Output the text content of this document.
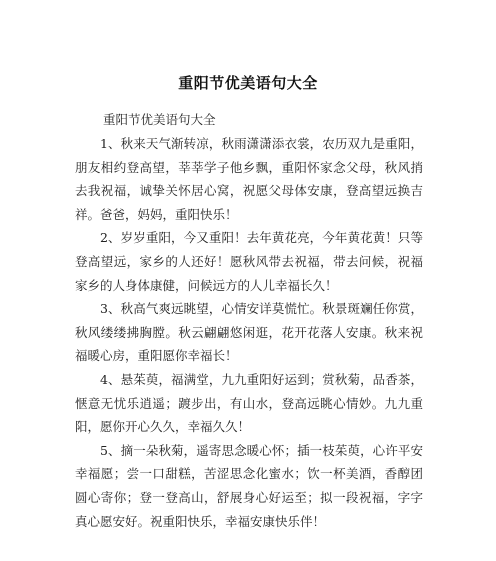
重阳节优美语句大全
重阳节优美语句大全

1、秋来天气渐转凉，秋雨潇潇添衣裳，农历双九是重阳，朋友相约登高望，莘莘学子他乡飘，重阳怀家念父母，秋风捎去我祝福，诚挚关怀居心窝，祝愿父母体安康，登高望远换吉祥。爸爸，妈妈，重阳快乐！

2、岁岁重阳，今又重阳！去年黄花亮，今年黄花黄！只等登高望远，家乡的人还好！愿秋风带去祝福，带去问候，祝福家乡的人身体康健，问候远方的人儿幸福长久！

3、秋高气爽远眺望，心情安详莫慌忙。秋景斑斓任你赏，秋风缕缕拂胸膛。秋云翩翩悠闲逛，花开花落人安康。秋来祝福暖心房，重阳愿你幸福长！

4、悬茱萸，福满堂，九九重阳好运到；赏秋菊，品香茶，惬意无忧乐逍遥；踱步出，有山水，登高远眺心情妙。九九重阳，愿你开心久久，幸福久久！

5、摘一朵秋菊，遥寄思念暖心怀；插一枝茱萸，心许平安幸福愿；尝一口甜糕，苦涩思念化蜜水；饮一杯美酒，香醇团圆心寄你；登一登高山，舒展身心好运至；拟一段祝福，字字真心愿安好。祝重阳快乐，幸福安康快乐伴！
